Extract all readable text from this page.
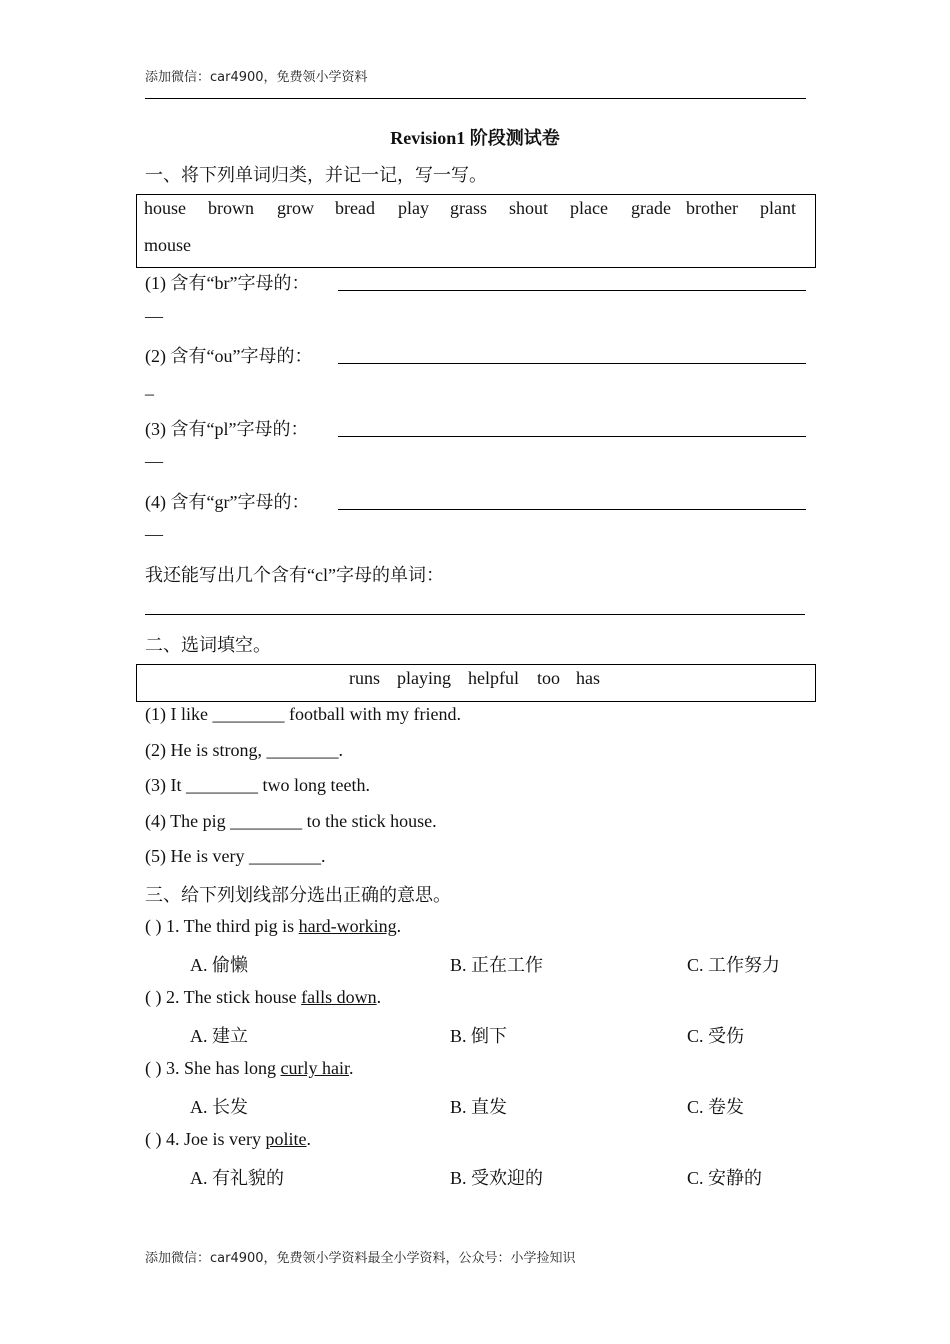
添加微信：car4900，免费领小学资料
Revision1 阶段测试卷
一、将下列单词归类，并记一记，写一写。
house brown grow bread play grass shout place grade brother plant
mouse
(1) 含有“br”字母的：
—
(2) 含有“ou”字母的：
_
(3) 含有“pl”字母的：
—
(4) 含有“gr”字母的：
—
我还能写出几个含有“cl”字母的单词：
二、选词填空。
runs playing helpful too has
(1) I like ________ football with my friend.
(2) He is strong, ________.
(3) It ________ two long teeth.
(4) The pig ________ to the stick house.
(5) He is very ________.
三、给下列划线部分选出正确的意思。
( ) 1. The third pig is hard-working.
A. 偷懒	B. 正在工作	C. 工作努力
( ) 2. The stick house falls down.
A. 建立	B. 倒下	C. 受伤
( ) 3. She has long curly hair.
A. 长发	B. 直发	C. 卷发
( ) 4. Joe is very polite.
A. 有礼貌的	B. 受欢迎的	C. 安静的
添加微信：car4900，免费领小学资料最全小学资料，公众号：小学捡知识
